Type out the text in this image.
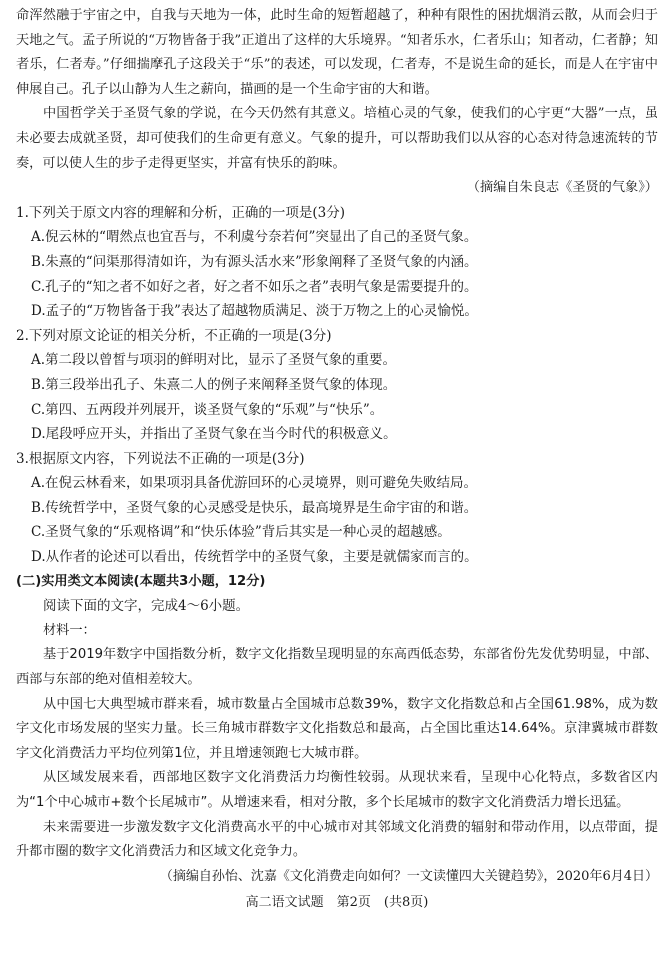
命浑然融于宇宙之中，自我与天地为一体，此时生命的短暂超越了，种种有限性的困扰烟消云散，从而会归于天地之气。孟子所说的“万物皆备于我”正道出了这样的大乐境界。“知者乐水，仁者乐山；知者动，仁者静；知者乐，仁者寿。”仔细揣摩孔子这段关于“乐”的表述，可以发现，仁者寿，不是说生命的延长，而是人在宇宙中伸展自己。孔子以山静为人生之薪向，描画的是一个生命宇宙的大和谐。

中国哲学关于圣贤气象的学说，在今天仍然有其意义。培植心灵的气象，使我们的心宇更“大器”一点，虽未必要去成就圣贤，却可使我们的生命更有意义。气象的提升，可以帮助我们以从容的心态对待急速流转的节奏，可以使人生的步子走得更坚实，并富有快乐的韵味。

（摘编自朱良志《圣贤的气象》）

1.下列关于原文内容的理解和分析，正确的一项是(3分)

A.倪云林的“喟然点也宜吾与，不利虞兮奈若何”突显出了自己的圣贤气象。

B.朱熹的“问渠那得清如许，为有源头活水来”形象阐释了圣贤气象的内涵。

C.孔子的“知之者不如好之者，好之者不如乐之者”表明气象是需要提升的。

D.孟子的“万物皆备于我”表达了超越物质满足、淡于万物之上的心灵愉悦。

2.下列对原文论证的相关分析，不正确的一项是(3分)

A.第二段以曾皙与项羽的鲜明对比，显示了圣贤气象的重要。

B.第三段举出孔子、朱熹二人的例子来阐释圣贤气象的体现。

C.第四、五两段并列展开，谈圣贤气象的“乐观”与“快乐”。

D.尾段呼应开头，并指出了圣贤气象在当今时代的积极意义。

3.根据原文内容，下列说法不正确的一项是(3分)

A.在倪云林看来，如果项羽具备优游回环的心灵境界，则可避免失败结局。

B.传统哲学中，圣贤气象的心灵感受是快乐，最高境界是生命宇宙的和谐。

C.圣贤气象的“乐观格调”和“快乐体验”背后其实是一种心灵的超越感。

D.从作者的论述可以看出，传统哲学中的圣贤气象，主要是就儒家而言的。

(二)实用类文本阅读(本题共3小题，12分)

阅读下面的文字，完成4～6小题。

材料一：

基于2019年数字中国指数分析，数字文化指数呈现明显的东高西低态势，东部省份先发优势明显，中部、西部与东部的绝对值相差较大。

从中国七大典型城市群来看，城市数量占全国城市总数39%，数字文化指数总和占全国61.98%，成为数字文化市场发展的坚实力量。长三角城市群数字文化指数总和最高，占全国比重达14.64%。京津冀城市群数字文化消费活力平均位列第1位，并且增速领跑七大城市群。

从区域发展来看，西部地区数字文化消费活力均衡性较弱。从现状来看，呈现中心化特点，多数省区内为“1个中心城市+数个长尾城市”。从增速来看，相对分散，多个长尾城市的数字文化消费活力增长迅猛。

未来需要进一步激发数字文化消费高水平的中心城市对其邻域文化消费的辐射和带动作用，以点带面，提升都市圈的数字文化消费活力和区域文化竞争力。

（摘编自孙怡、沈嘉《文化消费走向如何？一文读懂四大关键趋势》，2020年6月4日）

高二语文试题　第2页　(共8页)
